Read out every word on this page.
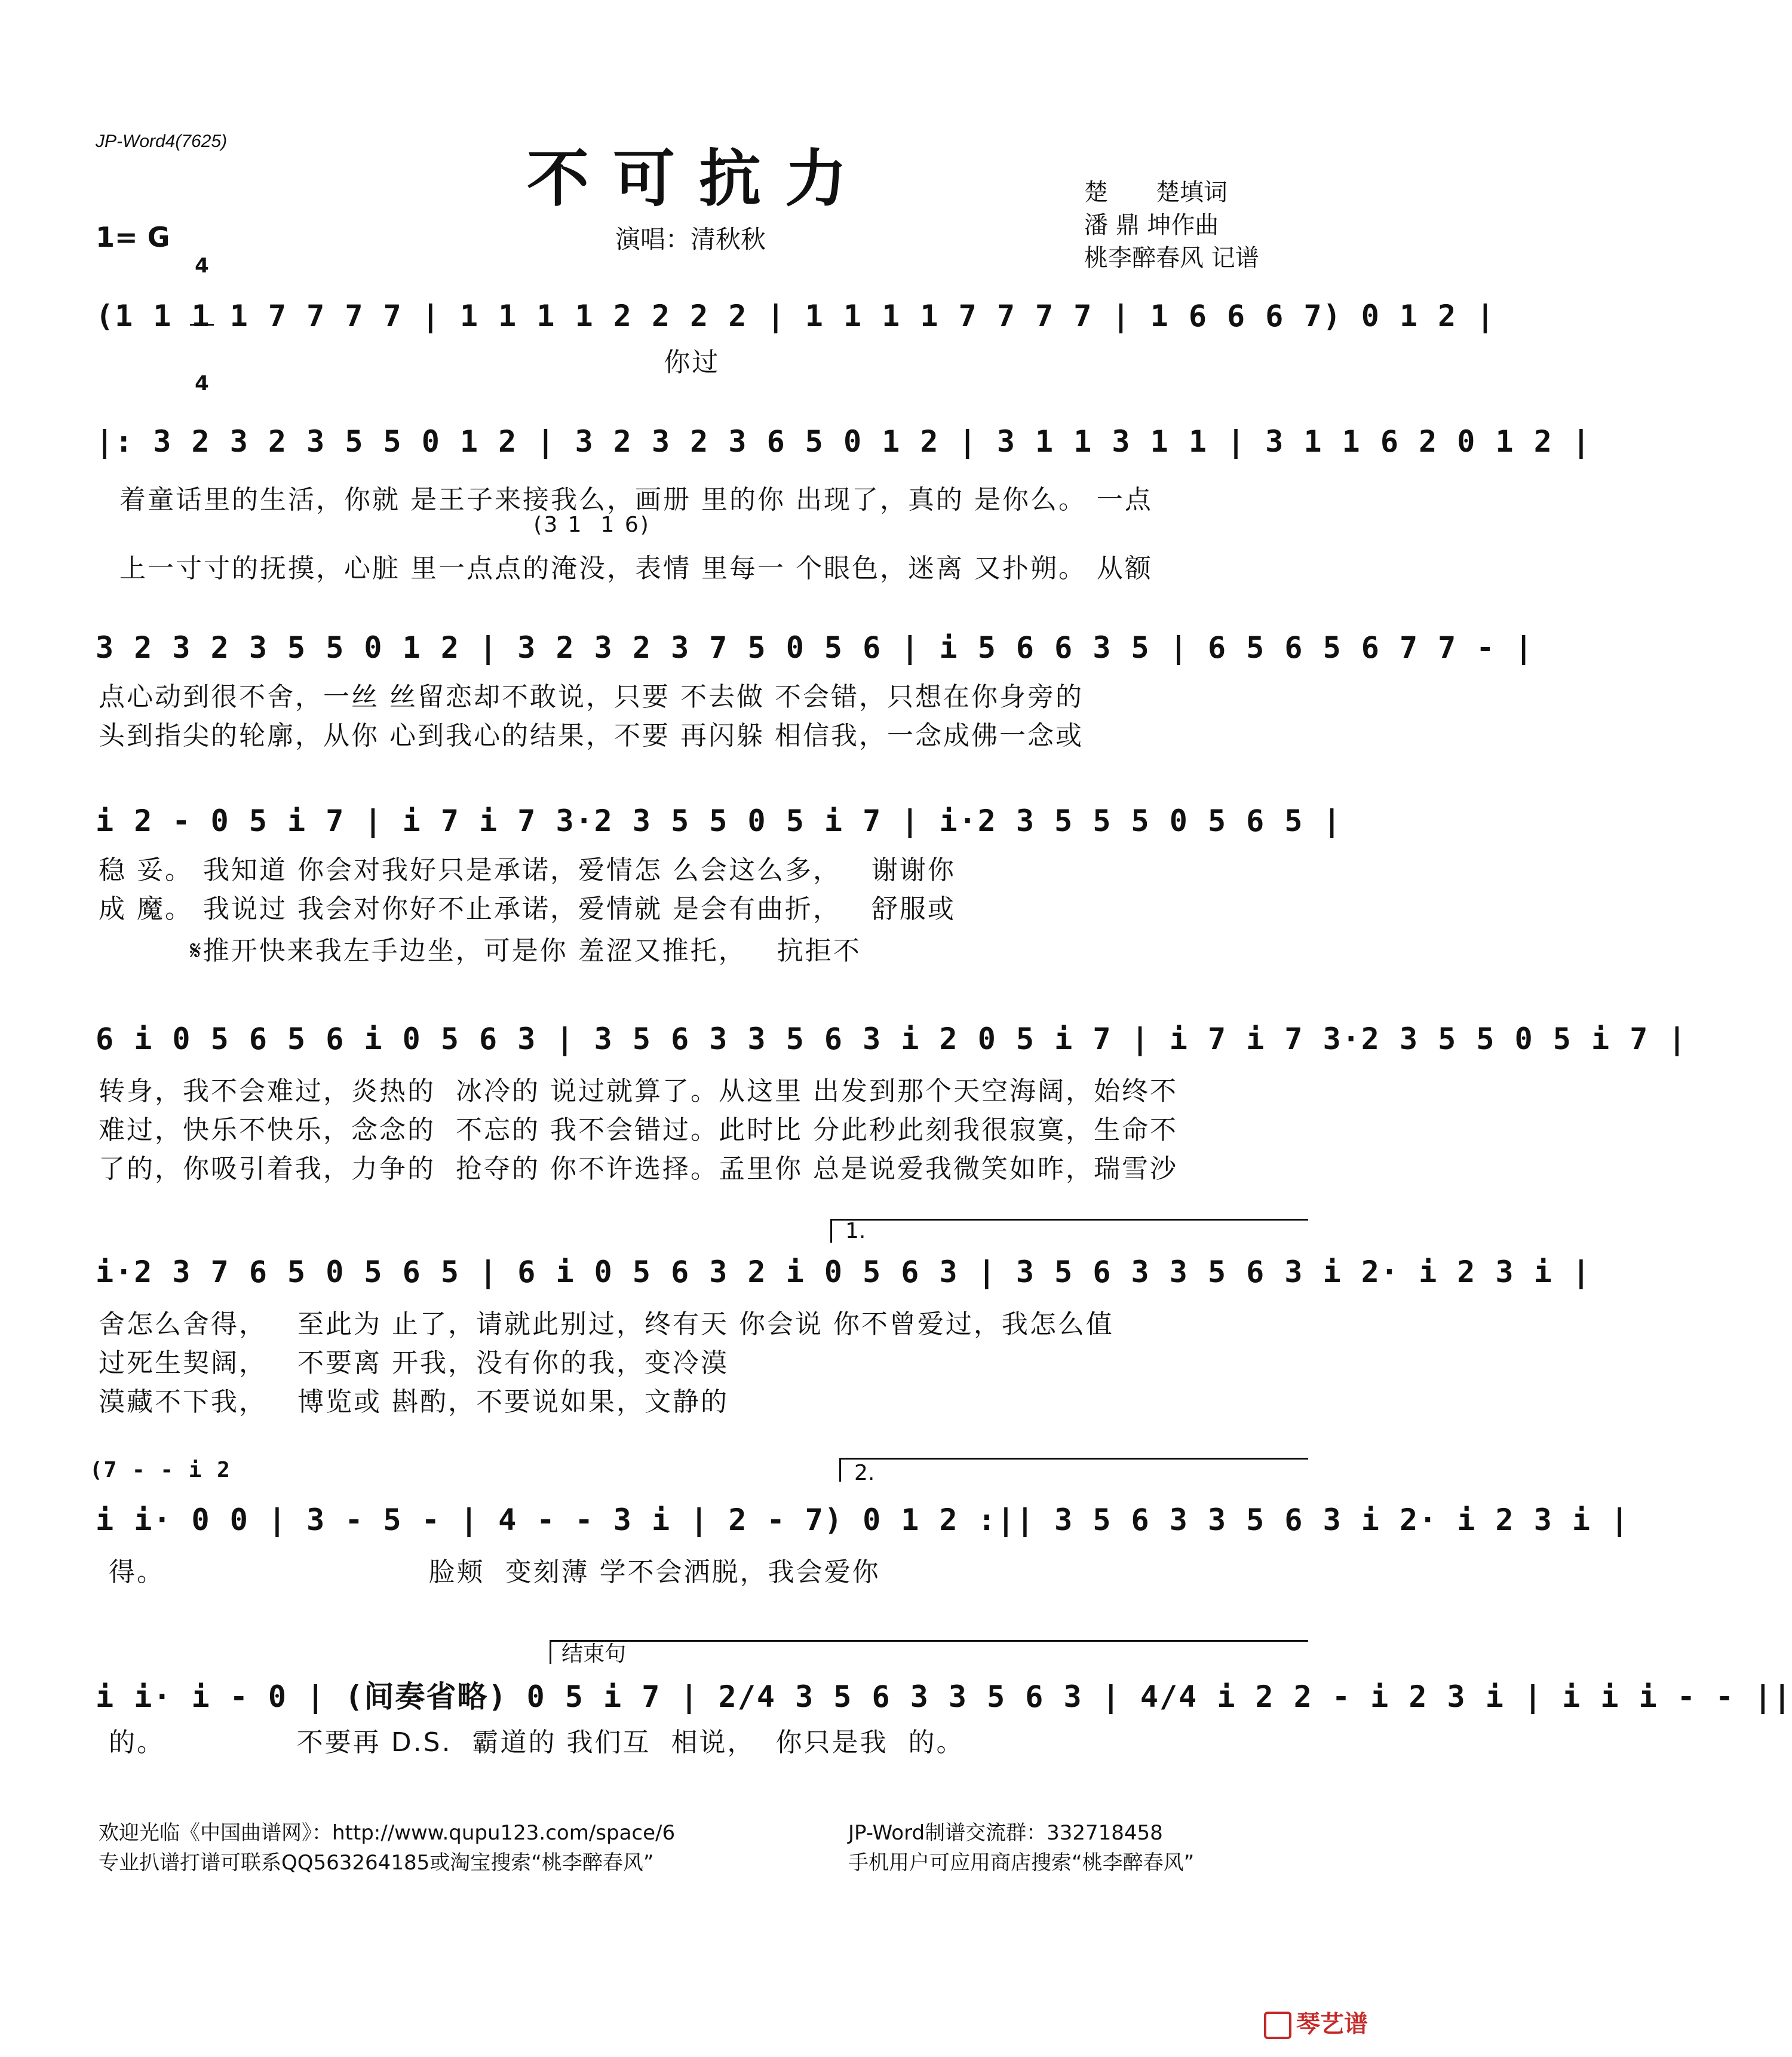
JP-Word4(7625)
不可抗力	楚　　楚填词
潘 鼎 坤作曲
桃李醉春风 记谱
1= G

4

4

演唱：清秋秋
(1 1 1 1 7 7 7 7 | 1 1 1 1 2 2 2 2 | 1 1 1 1 7 7 7 7 | 1 6 6 6 7) 0 1 2 |
你过
|: 3 2 3 2 3 5 5 0 1 2 | 3 2 3 2 3 6 5 0 1 2 | 3 1 1 3 1 1 | 3 1 1 6 2 0 1 2 |
着童话里的生活，你就 是王子来接我么，画册 里的你 出现了，真的 是你么。 一点
(3 1  1 6)
上一寸寸的抚摸，心脏 里一点点的淹没，表情 里每一 个眼色，迷离 又扑朔。 从额
3 2 3 2 3 5 5 0 1 2 | 3 2 3 2 3 7 5 0 5 6 | i 5 6 6 3 5 | 6 5 6 5 6 7 7 - |
点心动到很不舍，一丝 丝留恋却不敢说，只要 不去做 不会错，只想在你身旁的
头到指尖的轮廓，从你 心到我心的结果，不要 再闪躲 相信我，一念成佛一念或
i 2 - 0 5 i 7 | i 7 i 7 3·2 3 5 5 0 5 i 7 | i·2 3 5 5 5 0 5 6 5 |
稳 妥。 我知道 你会对我好只是承诺，爱情怎 么会这么多，   谢谢你
成 魔。 我说过 我会对你好不止承诺，爱情就 是会有曲折，   舒服或
𝄋推开快来我左手边坐，可是你 羞涩又推托，   抗拒不
6 i 0 5 6 5 6 i 0 5 6 3 | 3 5 6 3 3 5 6 3 i 2 0 5 i 7 | i 7 i 7 3·2 3 5 5 0 5 i 7 |
转身，我不会难过，炎热的  冰冷的 说过就算了。从这里 出发到那个天空海阔，始终不
难过，快乐不快乐，念念的  不忘的 我不会错过。此时比 分此秒此刻我很寂寞，生命不
了的，你吸引着我，力争的  抢夺的 你不许选择。孟里你 总是说爱我微笑如昨，瑞雪沙
1.
i·2 3 7 6 5 0 5 6 5 | 6 i 0 5 6 3 2 i 0 5 6 3 | 3 5 6 3 3 5 6 3 i 2· i 2 3 i |
舍怎么舍得，   至此为 止了，请就此别过，终有天 你会说 你不曾爱过，我怎么值
过死生契阔，   不要离 开我，没有你的我，变冷漠
漠藏不下我，   博览或 斟酌，不要说如果，文静的
(7 - - i 2	2.
i i· 0 0 | 3 - 5 - | 4 - - 3 i | 2 - 7) 0 1 2 :|| 3 5 6 3 3 5 6 3 i 2· i 2 3 i |
得。                          脸颊  变刻薄 学不会洒脱，我会爱你
结束句
i i· i - 0 | (间奏省略) 0 5 i 7 | 2/4 3 5 6 3 3 5 6 3 | 4/4 i 2 2 - i 2 3 i | i i i - - ||
的。             不要再 D.S.  霸道的 我们互  相说，  你只是我  的。
欢迎光临《中国曲谱网》：http://www.qupu123.com/space/6
专业扒谱打谱可联系QQ563264185或淘宝搜索“桃李醉春风”
JP-Word制谱交流群：332718458
手机用户可应用商店搜索“桃李醉春风”

琴艺谱
